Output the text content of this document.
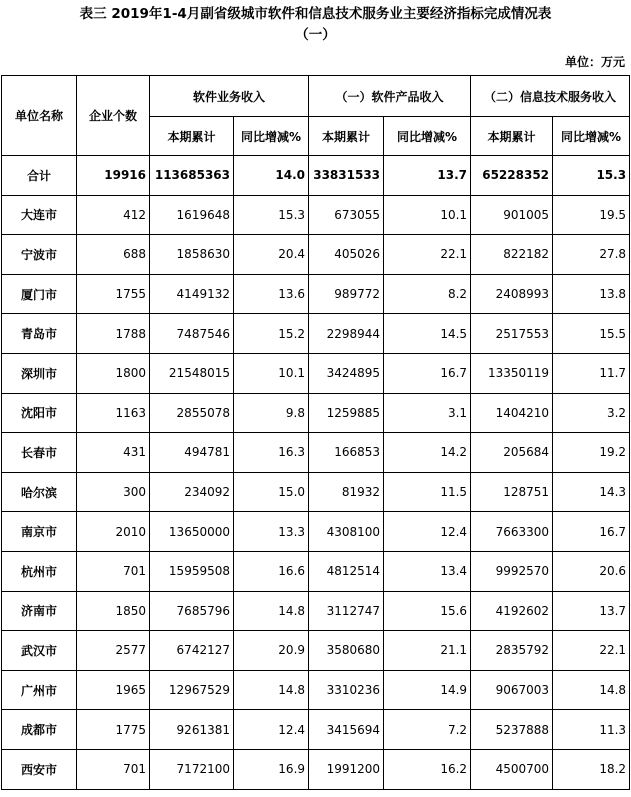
表三 2019年1-4月副省级城市软件和信息技术服务业主要经济指标完成情况表
（一）
单位：万元
单位名称	企业个数	软件业务收入		（一）软件产品收入		（二）信息技术服务收入	
		本期累计	同比增减%	本期累计	同比增减%	本期累计	同比增减%
合计	19916	113685363	14.0	33831533	13.7	65228352	15.3
大连市	412	1619648	15.3	673055	10.1	901005	19.5
宁波市	688	1858630	20.4	405026	22.1	822182	27.8
厦门市	1755	4149132	13.6	989772	8.2	2408993	13.8
青岛市	1788	7487546	15.2	2298944	14.5	2517553	15.5
深圳市	1800	21548015	10.1	3424895	16.7	13350119	11.7
沈阳市	1163	2855078	9.8	1259885	3.1	1404210	3.2
长春市	431	494781	16.3	166853	14.2	205684	19.2
哈尔滨	300	234092	15.0	81932	11.5	128751	14.3
南京市	2010	13650000	13.3	4308100	12.4	7663300	16.7
杭州市	701	15959508	16.6	4812514	13.4	9992570	20.6
济南市	1850	7685796	14.8	3112747	15.6	4192602	13.7
武汉市	2577	6742127	20.9	3580680	21.1	2835792	22.1
广州市	1965	12967529	14.8	3310236	14.9	9067003	14.8
成都市	1775	9261381	12.4	3415694	7.2	5237888	11.3
西安市	701	7172100	16.9	1991200	16.2	4500700	18.2
